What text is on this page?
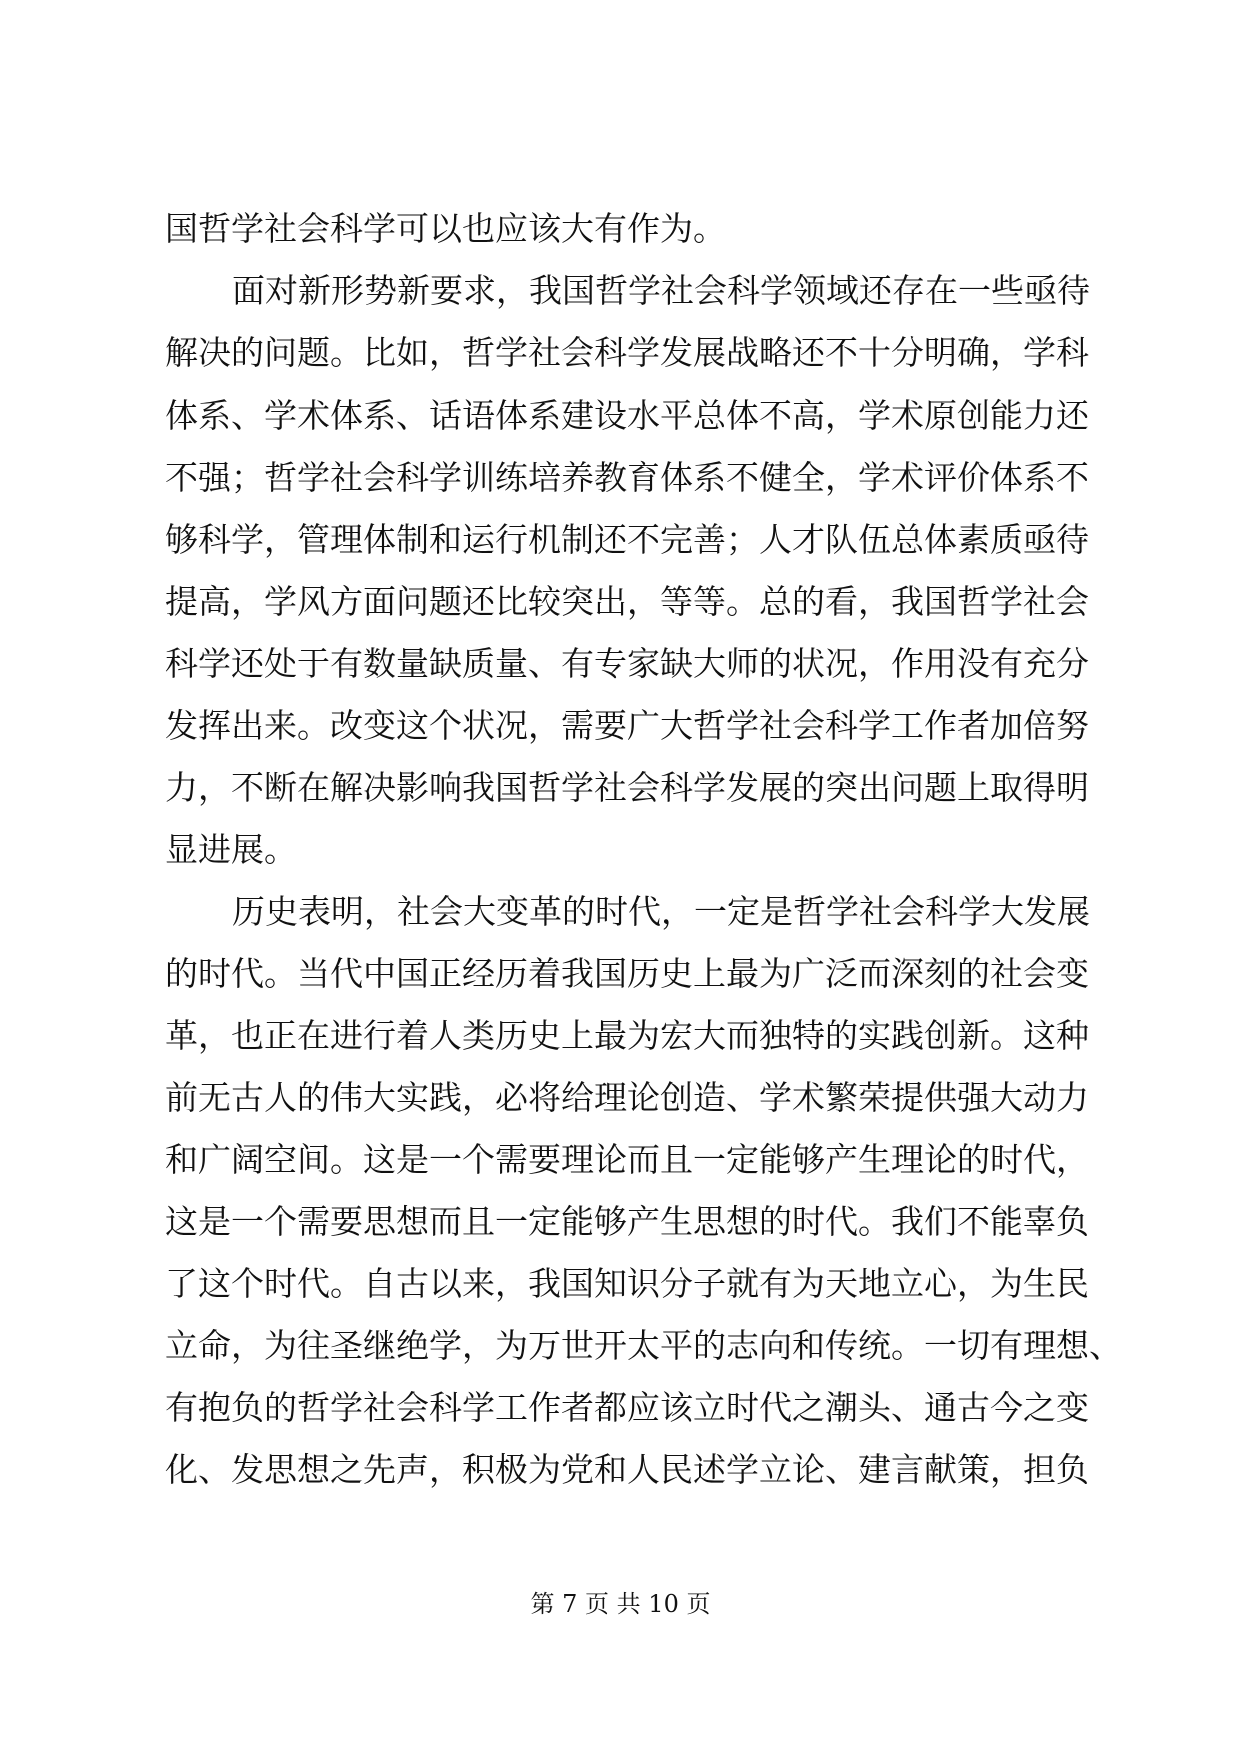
国哲学社会科学可以也应该大有作为。
面对新形势新要求，我国哲学社会科学领域还存在一些亟待
解决的问题。比如，哲学社会科学发展战略还不十分明确，学科
体系、学术体系、话语体系建设水平总体不高，学术原创能力还
不强；哲学社会科学训练培养教育体系不健全，学术评价体系不
够科学，管理体制和运行机制还不完善；人才队伍总体素质亟待
提高，学风方面问题还比较突出，等等。总的看，我国哲学社会
科学还处于有数量缺质量、有专家缺大师的状况，作用没有充分
发挥出来。改变这个状况，需要广大哲学社会科学工作者加倍努
力，不断在解决影响我国哲学社会科学发展的突出问题上取得明
显进展。
历史表明，社会大变革的时代，一定是哲学社会科学大发展
的时代。当代中国正经历着我国历史上最为广泛而深刻的社会变
革，也正在进行着人类历史上最为宏大而独特的实践创新。这种
前无古人的伟大实践，必将给理论创造、学术繁荣提供强大动力
和广阔空间。这是一个需要理论而且一定能够产生理论的时代，
这是一个需要思想而且一定能够产生思想的时代。我们不能辜负
了这个时代。自古以来，我国知识分子就有为天地立心，为生民
立命，为往圣继绝学，为万世开太平的志向和传统。一切有理想、
有抱负的哲学社会科学工作者都应该立时代之潮头、通古今之变
化、发思想之先声，积极为党和人民述学立论、建言献策，担负
第 7 页 共 10 页
